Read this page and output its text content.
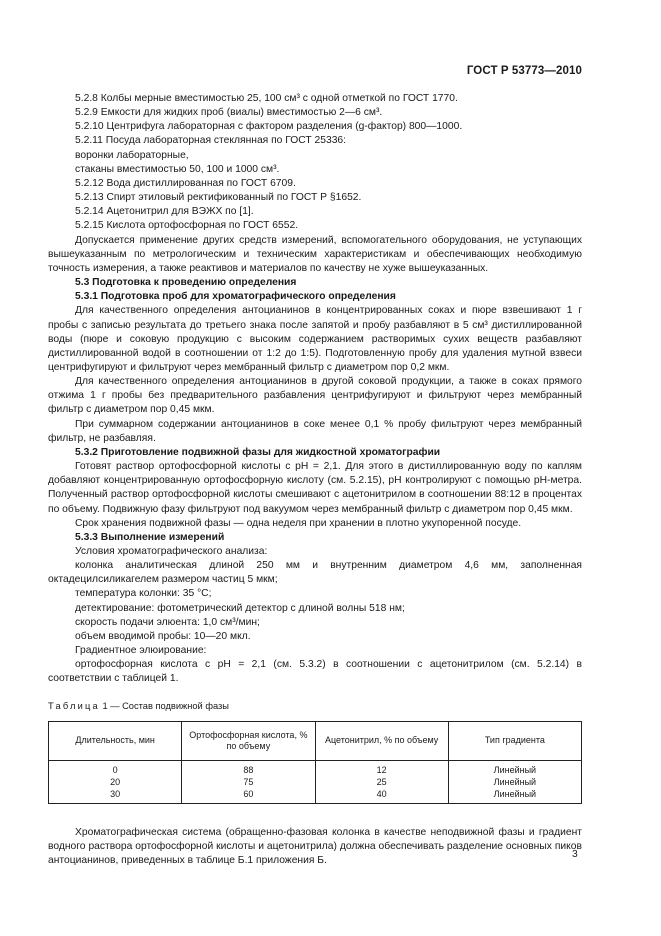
ГОСТ Р 53773—2010

5.2.8 Колбы мерные вместимостью 25, 100 см³ с одной отметкой по ГОСТ 1770.

5.2.9 Емкости для жидких проб (виалы) вместимостью 2—6 см³.

5.2.10 Центрифуга лабораторная с фактором разделения (g-фактор) 800—1000.

5.2.11 Посуда лабораторная стеклянная по ГОСТ 25336:

воронки лабораторные,

стаканы вместимостью 50, 100 и 1000 см³.

5.2.12 Вода дистиллированная по ГОСТ 6709.

5.2.13 Спирт этиловый ректификованный по ГОСТ Р §1652.

5.2.14 Ацетонитрил для ВЭЖХ по [1].

5.2.15 Кислота ортофосфорная по ГОСТ 6552.

Допускается применение других средств измерений, вспомогательного оборудования, не уступающих вышеуказанным по метрологическим и техническим характеристикам и обеспечивающих необходимую точность измерения, а также реактивов и материалов по качеству не хуже вышеуказанных.

5.3 Подготовка к проведению определения

5.3.1 Подготовка проб для хроматографического определения

Для качественного определения антоцианинов в концентрированных соках и пюре взвешивают 1 г пробы с записью результата до третьего знака после запятой и пробу разбавляют в 5 см³ дистиллированной воды (пюре и соковую продукцию с высоким содержанием растворимых сухих веществ разбавляют дистиллированной водой в соотношении от 1:2 до 1:5). Подготовленную пробу для удаления мутной взвеси центрифугируют и фильтруют через мембранный фильтр с диаметром пор 0,2 мкм.

Для качественного определения антоцианинов в другой соковой продукции, а также в соках прямого отжима 1 г пробы без предварительного разбавления центрифугируют и фильтруют через мембранный фильтр с диаметром пор 0,45 мкм.

При суммарном содержании антоцианинов в соке менее 0,1 % пробу фильтруют через мембранный фильтр, не разбавляя.

5.3.2 Приготовление подвижной фазы для жидкостной хроматографии

Готовят раствор ортофосфорной кислоты с pH = 2,1. Для этого в дистиллированную воду по каплям добавляют концентрированную ортофосфорную кислоту (см. 5.2.15), pH контролируют с помощью pH-метра. Полученный раствор ортофосфорной кислоты смешивают с ацетонитрилом в соотношении 88:12 в процентах по объему. Подвижную фазу фильтруют под вакуумом через мембранный фильтр с диаметром пор 0,45 мкм.

Срок хранения подвижной фазы — одна неделя при хранении в плотно укупоренной посуде.

5.3.3 Выполнение измерений

Условия хроматографического анализа:

колонка аналитическая длиной 250 мм и внутренним диаметром 4,6 мм, заполненная октадецилсиликагелем размером частиц 5 мкм;

температура колонки: 35 °С;

детектирование: фотометрический детектор с длиной волны 518 нм;

скорость подачи элюента: 1,0 см³/мин;

объем вводимой пробы: 10—20 мкл.

Градиентное элюирование:

ортофосфорная кислота с pH = 2,1 (см. 5.3.2) в соотношении с ацетонитрилом (см. 5.2.14) в соответствии с таблицей 1.

Таблица 1 — Состав подвижной фазы

Длительность, мин	Ортофосфорная кислота, % по объему	Ацетонитрил, % по объему	Тип градиента
0	88	12	Линейный
20	75	25	Линейный
30	60	40	Линейный

Хроматографическая система (обращенно-фазовая колонка в качестве неподвижной фазы и градиент водного раствора ортофосфорной кислоты и ацетонитрила) должна обеспечивать разделение основных пиков антоцианинов, приведенных в таблице Б.1 приложения Б.

3
